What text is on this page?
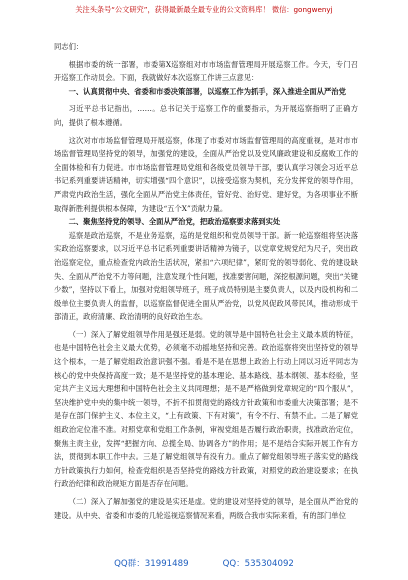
关注头条号“公文研究”，获得最新最全最专业的公文资料库！ 微信：gongwenyj

同志们：

根据市委的统一部署，市委第Ⅹ巡察组对市市场监督管理局开展巡察工作。今天，专门召开巡察工作动员会。下面，我就做好本次巡察工作讲三点意见：

一、认真贯彻中央、省委和市委决策部署，以巡察工作为抓手，深入推进全面从严治党

习近平总书记指出，……。总书记关于巡察工作的重要指示，为开展巡察指明了正确方向，提供了根本遵循。

这次对市市场监督管理局开展巡察，体现了市委对市场监督管理局的高度重视，是对市市场监督管理局坚持党的领导，加强党的建设，全面从严治党以及党风廉政建设和反腐败工作的全面体检和有力促进。市市场监督管理局党组和各级党员领导干部，要认真学习领会习近平总书记系列重要讲话精神，切实增强“四个意识”，以接受巡察为契机，充分发挥党的领导作用，严肃党内政治生活，强化全面从严治党主体责任，管好党、治好党、建好党，为各项事业不断取得新胜利提供根本保障，为建设“五个X”贡献力量。

二、聚焦坚持党的领导、全面从严治党，把政治巡察要求落到实处

巡察是政治巡察，不是业务巡察，巡的是党组织和党员领导干部。新一轮巡察组将坚决落实政治巡察要求，以习近平总书记系列重要讲话精神为镜子，以党章党规党纪为尺子，突出政治巡察定位，重点检查党内政治生活状况，紧扣“六项纪律”，紧盯党的领导弱化、党的建设缺失、全面从严治党不力等问题，注意发现个性问题，找准要害问题，深挖根源问题，突出“关键少数”，坚持以下看上，加强对党组领导班子，班子成员特别是主要负责人，以及内设机构和二级单位主要负责人的监督，以巡察监督促进全面从严治党，以党风促政风带民风，推动形成干部清正，政府清廉、政治清明的良好政治生态。

（一）深入了解党组领导作用是强还是弱。党的领导是中国特色社会主义最本质的特征，也是中国特色社会主义最大优势，必须毫不动摇地坚持和完善。政治巡察将突出坚持党的领导这个根本，一是了解党组政治意识强不强。看是不是在思想上政治上行动上同以习近平同志为核心的党中央保持高度一致；是不是坚持党的基本理论、基本路线、基本纲领、基本经验，坚定共产主义远大理想和中国特色社会主义共同理想；是不是严格做到党章规定的“四个服从”，坚决维护党中央的集中统一领导，不折不扣贯彻党的路线方针政策和市委重大决策部署；是不是存在部门保护主义、本位主义，“上有政策、下有对策”，有令不行、有禁不止。二是了解党组政治定位准不准。对照党章和党组工作条例，审视党组是否履行政治职责，找准政治定位，聚焦主责主业，发挥“把握方向、总揽全局、协调各方”的作用；是不是结合实际开展工作有方法，贯彻到本职工作中去。三是了解党组领导有没有力。重点了解党组领导班子落实党的路线方针政策执行力如何，检查党组织是否坚持党的路线方针政策，对照党的政治建设要求；在执行政治纪律和政治规矩方面是否存在问题。

（二）深入了解加强党的建设是实还是虚。党的建设对坚持党的领导，是全面从严治党的建设。从中央、省委和市委的几轮巡视巡察情况来看，两级合我市实际来看，有的部门单位

QQ群：31991489	QQ：535304092
